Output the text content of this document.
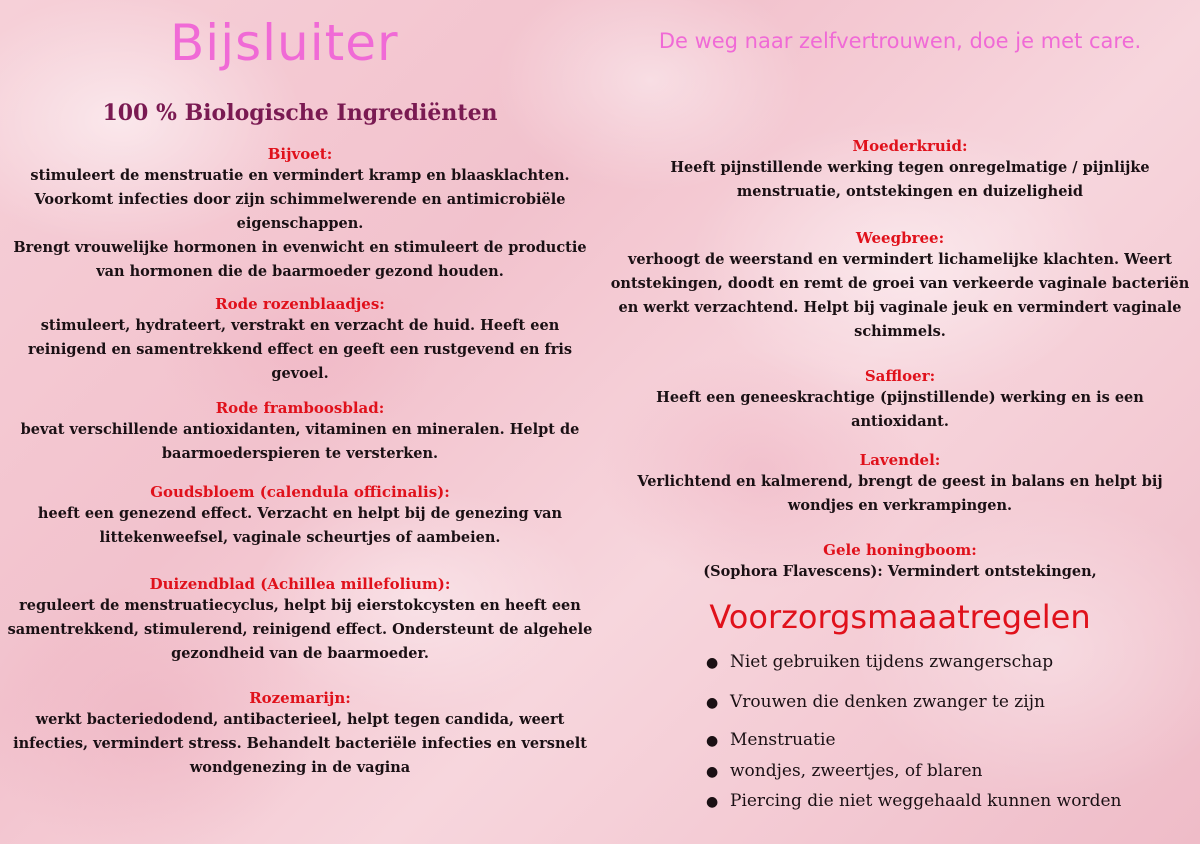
Bijsluiter
100 % Biologische Ingrediënten

De weg naar zelfvertrouwen, doe je met care.

Bijvoet:

stimuleert de menstruatie en vermindert kramp en blaasklachten. Voorkomt infecties door zijn schimmelwerende en antimicrobiële eigenschappen.
Brengt vrouwelijke hormonen in evenwicht en stimuleert de productie van hormonen die de baarmoeder gezond houden.

Rode rozenblaadjes:

stimuleert, hydrateert, verstrakt en verzacht de huid. Heeft een reinigend en samentrekkend effect en geeft een rustgevend en fris gevoel.

Rode framboosblad:

bevat verschillende antioxidanten, vitaminen en mineralen. Helpt de baarmoederspieren te versterken.

Goudsbloem (calendula officinalis):

heeft een genezend effect. Verzacht en helpt bij de genezing van littekenweefsel, vaginale scheurtjes of aambeien.

Duizendblad (Achillea millefolium):

reguleert de menstruatiecyclus, helpt bij eierstokcysten en heeft een samentrekkend, stimulerend, reinigend effect. Ondersteunt de algehele gezondheid van de baarmoeder.

Rozemarijn:

werkt bacteriedodend, antibacterieel, helpt tegen candida, weert infecties, vermindert stress. Behandelt bacteriële infecties en versnelt wondgenezing in de vagina

Moederkruid:

Heeft pijnstillende werking tegen onregelmatige / pijnlijke menstruatie, ontstekingen en duizeligheid

Weegbree:

verhoogt de weerstand en vermindert lichamelijke klachten. Weert ontstekingen, doodt en remt de groei van verkeerde vaginale bacteriën en werkt verzachtend. Helpt bij vaginale jeuk en vermindert vaginale schimmels.

Saffloer:

Heeft een geneeskrachtige (pijnstillende) werking en is een antioxidant.

Lavendel:

Verlichtend en kalmerend, brengt de geest in balans en helpt bij wondjes en verkrampingen.

Gele honingboom:

(Sophora Flavescens): Vermindert ontstekingen,

Voorzorgsmaaatregelen
● Niet gebruiken tijdens zwangerschap
● Vrouwen die denken zwanger te zijn
● Menstruatie
● wondjes, zweertjes, of blaren
● Piercing die niet weggehaald kunnen worden
